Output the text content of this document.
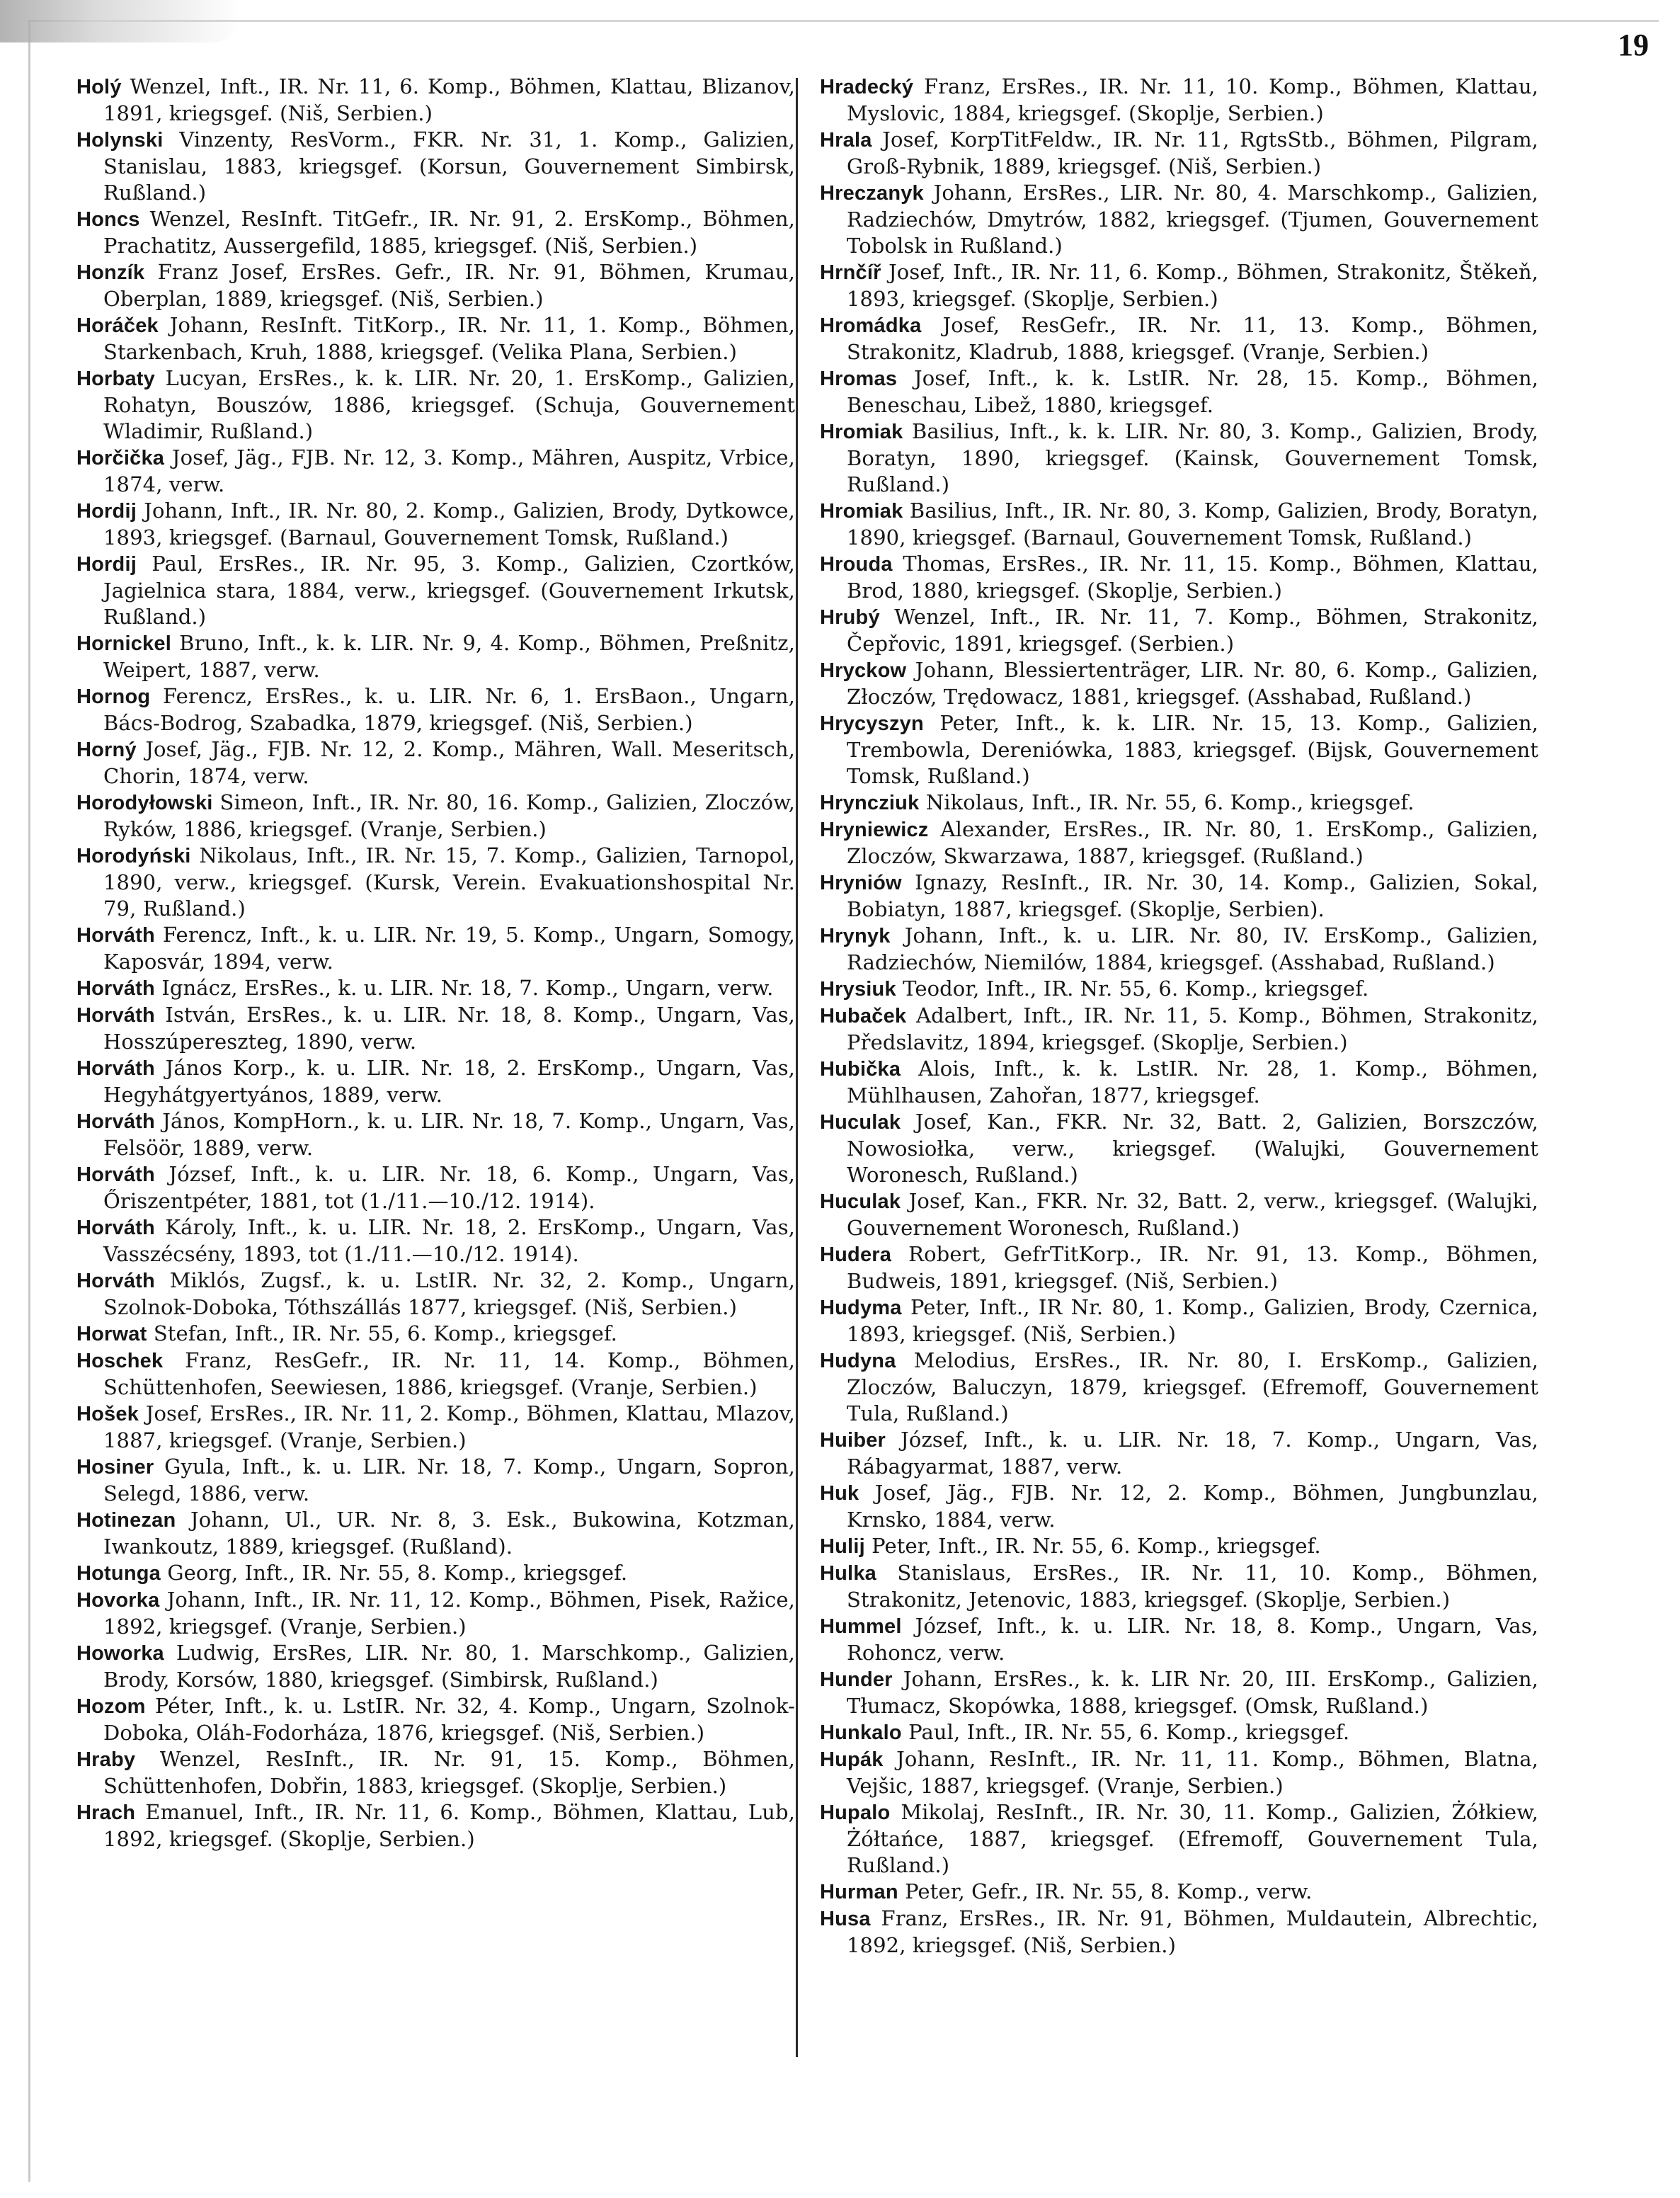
19

Holý Wenzel, Inft., IR. Nr. 11, 6. Komp., Böhmen, Klattau, Blizanov, 1891, kriegsgef. (Niš, Serbien.)

Holynski Vinzenty, ResVorm., FKR. Nr. 31, 1. Komp., Galizien, Stanislau, 1883, kriegsgef. (Korsun, Gouvernement Simbirsk, Rußland.)

Honcs Wenzel, ResInft. TitGefr., IR. Nr. 91, 2. ErsKomp., Böhmen, Prachatitz, Aussergefild, 1885, kriegsgef. (Niš, Serbien.)

Honzík Franz Josef, ErsRes. Gefr., IR. Nr. 91, Böhmen, Krumau, Oberplan, 1889, kriegsgef. (Niš, Serbien.)

Horáček Johann, ResInft. TitKorp., IR. Nr. 11, 1. Komp., Böhmen, Starkenbach, Kruh, 1888, kriegsgef. (Velika Plana, Serbien.)

Horbaty Lucyan, ErsRes., k. k. LIR. Nr. 20, 1. ErsKomp., Galizien, Rohatyn, Bouszów, 1886, kriegsgef. (Schuja, Gouvernement Wladimir, Rußland.)

Horčička Josef, Jäg., FJB. Nr. 12, 3. Komp., Mähren, Auspitz, Vrbice, 1874, verw.

Hordij Johann, Inft., IR. Nr. 80, 2. Komp., Galizien, Brody, Dytkowce, 1893, kriegsgef. (Barnaul, Gouvernement Tomsk, Rußland.)

Hordij Paul, ErsRes., IR. Nr. 95, 3. Komp., Galizien, Czortków, Jagielnica stara, 1884, verw., kriegsgef. (Gouvernement Irkutsk, Rußland.)

Hornickel Bruno, Inft., k. k. LIR. Nr. 9, 4. Komp., Böhmen, Preßnitz, Weipert, 1887, verw.

Hornog Ferencz, ErsRes., k. u. LIR. Nr. 6, 1. ErsBaon., Ungarn, Bács-Bodrog, Szabadka, 1879, kriegsgef. (Niš, Serbien.)

Horný Josef, Jäg., FJB. Nr. 12, 2. Komp., Mähren, Wall. Meseritsch, Chorin, 1874, verw.

Horodyłowski Simeon, Inft., IR. Nr. 80, 16. Komp., Galizien, Zloczów, Ryków, 1886, kriegsgef. (Vranje, Serbien.)

Horodyński Nikolaus, Inft., IR. Nr. 15, 7. Komp., Galizien, Tarnopol, 1890, verw., kriegsgef. (Kursk, Verein. Evakuationshospital Nr. 79, Rußland.)

Horváth Ferencz, Inft., k. u. LIR. Nr. 19, 5. Komp., Ungarn, Somogy, Kaposvár, 1894, verw.

Horváth Ignácz, ErsRes., k. u. LIR. Nr. 18, 7. Komp., Ungarn, verw.

Horváth István, ErsRes., k. u. LIR. Nr. 18, 8. Komp., Ungarn, Vas, Hosszúpereszteg, 1890, verw.

Horváth János Korp., k. u. LIR. Nr. 18, 2. ErsKomp., Ungarn, Vas, Hegyhátgyertyános, 1889, verw.

Horváth János, KompHorn., k. u. LIR. Nr. 18, 7. Komp., Ungarn, Vas, Felsöör, 1889, verw.

Horváth József, Inft., k. u. LIR. Nr. 18, 6. Komp., Ungarn, Vas, Őriszentpéter, 1881, tot (1./11.—10./12. 1914).

Horváth Károly, Inft., k. u. LIR. Nr. 18, 2. ErsKomp., Ungarn, Vas, Vasszécsény, 1893, tot (1./11.—10./12. 1914).

Horváth Miklós, Zugsf., k. u. LstIR. Nr. 32, 2. Komp., Ungarn, Szolnok-Doboka, Tóthszállás 1877, kriegsgef. (Niš, Serbien.)

Horwat Stefan, Inft., IR. Nr. 55, 6. Komp., kriegsgef.

Hoschek Franz, ResGefr., IR. Nr. 11, 14. Komp., Böhmen, Schüttenhofen, Seewiesen, 1886, kriegsgef. (Vranje, Serbien.)

Hošek Josef, ErsRes., IR. Nr. 11, 2. Komp., Böhmen, Klattau, Mlazov, 1887, kriegsgef. (Vranje, Serbien.)

Hosiner Gyula, Inft., k. u. LIR. Nr. 18, 7. Komp., Ungarn, Sopron, Selegd, 1886, verw.

Hotinezan Johann, Ul., UR. Nr. 8, 3. Esk., Bukowina, Kotzman, Iwankoutz, 1889, kriegsgef. (Rußland).

Hotunga Georg, Inft., IR. Nr. 55, 8. Komp., kriegsgef.

Hovorka Johann, Inft., IR. Nr. 11, 12. Komp., Böhmen, Pisek, Ražice, 1892, kriegsgef. (Vranje, Serbien.)

Howorka Ludwig, ErsRes, LIR. Nr. 80, 1. Marschkomp., Galizien, Brody, Korsów, 1880, kriegsgef. (Simbirsk, Rußland.)

Hozom Péter, Inft., k. u. LstIR. Nr. 32, 4. Komp., Ungarn, Szolnok-Doboka, Oláh-Fodorháza, 1876, kriegsgef. (Niš, Serbien.)

Hraby Wenzel, ResInft., IR. Nr. 91, 15. Komp., Böhmen, Schüttenhofen, Dobřin, 1883, kriegsgef. (Skoplje, Serbien.)

Hrach Emanuel, Inft., IR. Nr. 11, 6. Komp., Böhmen, Klattau, Lub, 1892, kriegsgef. (Skoplje, Serbien.)

Hradecký Franz, ErsRes., IR. Nr. 11, 10. Komp., Böhmen, Klattau, Myslovic, 1884, kriegsgef. (Skoplje, Serbien.)

Hrala Josef, KorpTitFeldw., IR. Nr. 11, RgtsStb., Böhmen, Pilgram, Groß-Rybnik, 1889, kriegsgef. (Niš, Serbien.)

Hreczanyk Johann, ErsRes., LIR. Nr. 80, 4. Marschkomp., Galizien, Radziechów, Dmytrów, 1882, kriegsgef. (Tjumen, Gouvernement Tobolsk in Rußland.)

Hrnčíř Josef, Inft., IR. Nr. 11, 6. Komp., Böhmen, Strakonitz, Štěkeň, 1893, kriegsgef. (Skoplje, Serbien.)

Hromádka Josef, ResGefr., IR. Nr. 11, 13. Komp., Böhmen, Strakonitz, Kladrub, 1888, kriegsgef. (Vranje, Serbien.)

Hromas Josef, Inft., k. k. LstIR. Nr. 28, 15. Komp., Böhmen, Beneschau, Libež, 1880, kriegsgef.

Hromiak Basilius, Inft., k. k. LIR. Nr. 80, 3. Komp., Galizien, Brody, Boratyn, 1890, kriegsgef. (Kainsk, Gouvernement Tomsk, Rußland.)

Hromiak Basilius, Inft., IR. Nr. 80, 3. Komp, Galizien, Brody, Boratyn, 1890, kriegsgef. (Barnaul, Gouvernement Tomsk, Rußland.)

Hrouda Thomas, ErsRes., IR. Nr. 11, 15. Komp., Böhmen, Klattau, Brod, 1880, kriegsgef. (Skoplje, Serbien.)

Hrubý Wenzel, Inft., IR. Nr. 11, 7. Komp., Böhmen, Strakonitz, Čepřovic, 1891, kriegsgef. (Serbien.)

Hryckow Johann, Blessiertenträger, LIR. Nr. 80, 6. Komp., Galizien, Złoczów, Trędowacz, 1881, kriegsgef. (Asshabad, Rußland.)

Hrycyszyn Peter, Inft., k. k. LIR. Nr. 15, 13. Komp., Galizien, Trembowla, Dereniówka, 1883, kriegsgef. (Bijsk, Gouvernement Tomsk, Rußland.)

Hryncziuk Nikolaus, Inft., IR. Nr. 55, 6. Komp., kriegsgef.

Hryniewicz Alexander, ErsRes., IR. Nr. 80, 1. ErsKomp., Galizien, Zloczów, Skwarzawa, 1887, kriegsgef. (Rußland.)

Hryniów Ignazy, ResInft., IR. Nr. 30, 14. Komp., Galizien, Sokal, Bobiatyn, 1887, kriegsgef. (Skoplje, Serbien).

Hrynyk Johann, Inft., k. u. LIR. Nr. 80, IV. ErsKomp., Galizien, Radziechów, Niemilów, 1884, kriegsgef. (Asshabad, Rußland.)

Hrysiuk Teodor, Inft., IR. Nr. 55, 6. Komp., kriegsgef.

Hubaček Adalbert, Inft., IR. Nr. 11, 5. Komp., Böhmen, Strakonitz, Předslavitz, 1894, kriegsgef. (Skoplje, Serbien.)

Hubička Alois, Inft., k. k. LstIR. Nr. 28, 1. Komp., Böhmen, Mühlhausen, Zahořan, 1877, kriegsgef.

Huculak Josef, Kan., FKR. Nr. 32, Batt. 2, Galizien, Borszczów, Nowosiołka, verw., kriegsgef. (Walujki, Gouvernement Woronesch, Rußland.)

Huculak Josef, Kan., FKR. Nr. 32, Batt. 2, verw., kriegsgef. (Walujki, Gouvernement Woronesch, Rußland.)

Hudera Robert, GefrTitKorp., IR. Nr. 91, 13. Komp., Böhmen, Budweis, 1891, kriegsgef. (Niš, Serbien.)

Hudyma Peter, Inft., IR Nr. 80, 1. Komp., Galizien, Brody, Czernica, 1893, kriegsgef. (Niš, Serbien.)

Hudyna Melodius, ErsRes., IR. Nr. 80, I. ErsKomp., Galizien, Zloczów, Baluczyn, 1879, kriegsgef. (Efremoff, Gouvernement Tula, Rußland.)

Huiber József, Inft., k. u. LIR. Nr. 18, 7. Komp., Ungarn, Vas, Rábagyarmat, 1887, verw.

Huk Josef, Jäg., FJB. Nr. 12, 2. Komp., Böhmen, Jungbunzlau, Krnsko, 1884, verw.

Hulij Peter, Inft., IR. Nr. 55, 6. Komp., kriegsgef.

Hulka Stanislaus, ErsRes., IR. Nr. 11, 10. Komp., Böhmen, Strakonitz, Jetenovic, 1883, kriegsgef. (Skoplje, Serbien.)

Hummel József, Inft., k. u. LIR. Nr. 18, 8. Komp., Ungarn, Vas, Rohoncz, verw.

Hunder Johann, ErsRes., k. k. LIR Nr. 20, III. ErsKomp., Galizien, Tłumacz, Skopówka, 1888, kriegsgef. (Omsk, Rußland.)

Hunkalo Paul, Inft., IR. Nr. 55, 6. Komp., kriegsgef.

Hupák Johann, ResInft., IR. Nr. 11, 11. Komp., Böhmen, Blatna, Vejšic, 1887, kriegsgef. (Vranje, Serbien.)

Hupalo Mikolaj, ResInft., IR. Nr. 30, 11. Komp., Galizien, Żółkiew, Żółtańce, 1887, kriegsgef. (Efremoff, Gouvernement Tula, Rußland.)

Hurman Peter, Gefr., IR. Nr. 55, 8. Komp., verw.

Husa Franz, ErsRes., IR. Nr. 91, Böhmen, Muldautein, Albrechtic, 1892, kriegsgef. (Niš, Serbien.)
